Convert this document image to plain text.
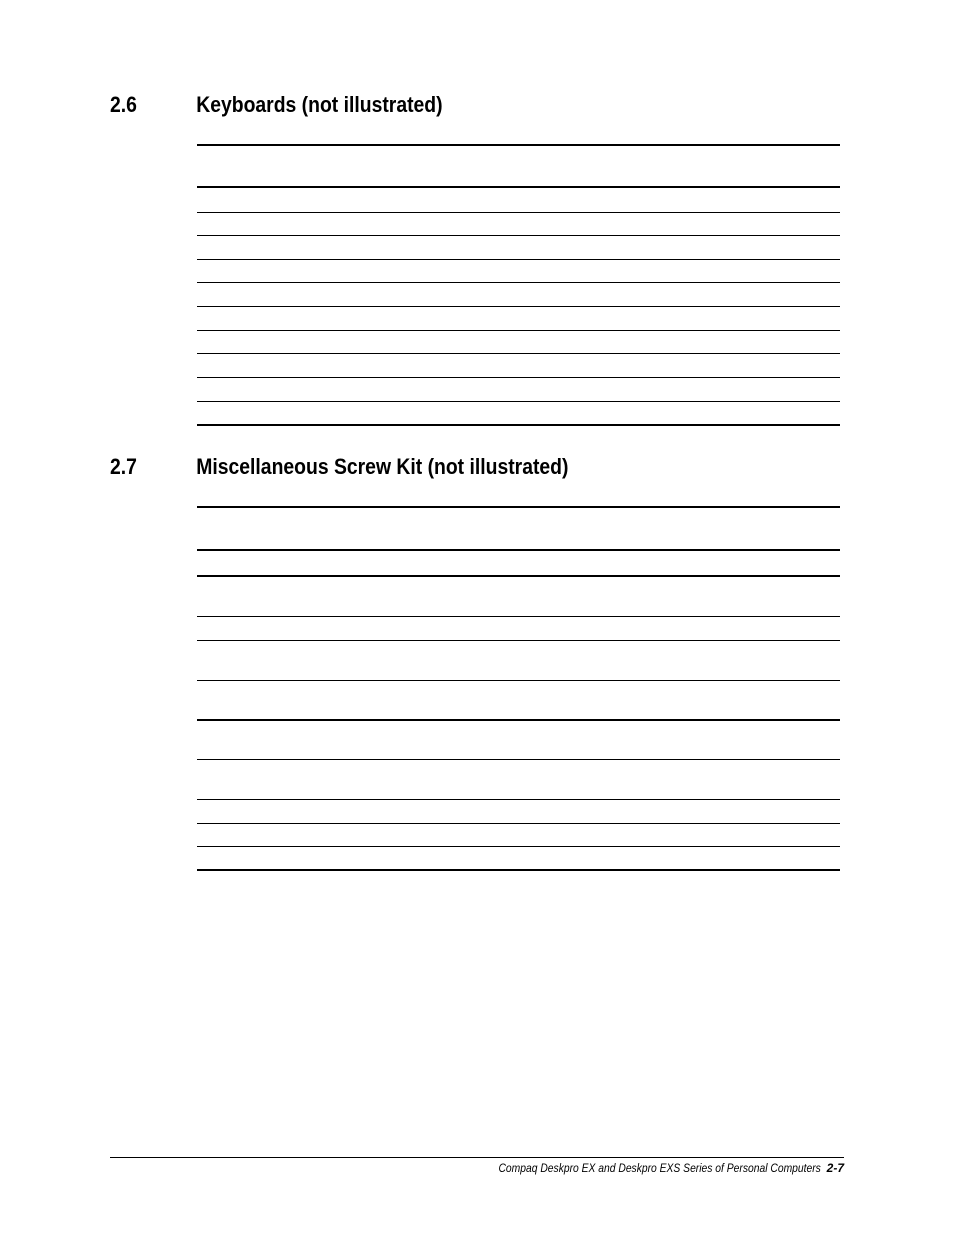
2.6	Keyboards (not illustrated)
2.7	Miscellaneous Screw Kit (not illustrated)
Compaq Deskpro EX and Deskpro EXS Series of Personal Computers 2-7
